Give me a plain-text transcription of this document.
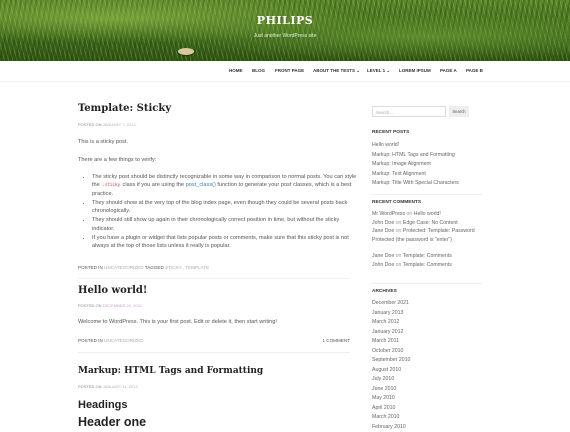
PHILIPS
Just another WordPress site
HOME BLOG FRONT PAGE ABOUT THE TESTS ⌄ LEVEL 1 ⌄ LOREM IPSUM PAGE A PAGE B
Template: Sticky
POSTED ON JANUARY 7, 2012
This is a sticky post.
There are a few things to verify:
• The sticky post should be distinctly recognizable in some way in comparison to normal posts. You can style the .sticky class if you are using the post_class() function to generate your post classes, which is a best practice.
• They should show at the very top of the blog index page, even though they could be several posts back chronologically.
• They should still show up again in their chronologically correct position in time, but without the sticky indicator.
• If you have a plugin or widget that lists popular posts or comments, make sure that this sticky post is not always at the top of those lists unless it really is popular.
POSTED IN UNCATEGORIZED TAGGED STICKY , TEMPLATE
Hello world!
POSTED ON DECEMBER 20, 2021
Welcome to WordPress. This is your first post. Edit or delete it, then start writing!
POSTED IN UNCATEGORIZED	1 COMMENT
Markup: HTML Tags and Formatting
POSTED ON JANUARY 11, 2013
Headings
Header one
Search ...	Search
RECENT POSTS
Hello world!
Markup: HTML Tags and Formatting
Markup: Image Alignment
Markup: Text Alignment
Markup: Title With Special Characters
RECENT COMMENTS
Mr WordPress on Hello world!
John Doe on Edge Case: No Content
Jane Doe on Protected: Template: Password Protected (the password is “enter”)
Jane Doe on Template: Comments
John Doe on Template: Comments
ARCHIVES
December 2021
January 2013
March 2012
January 2012
March 2011
October 2010
September 2010
August 2010
July 2010
June 2010
May 2010
April 2010
March 2010
February 2010
